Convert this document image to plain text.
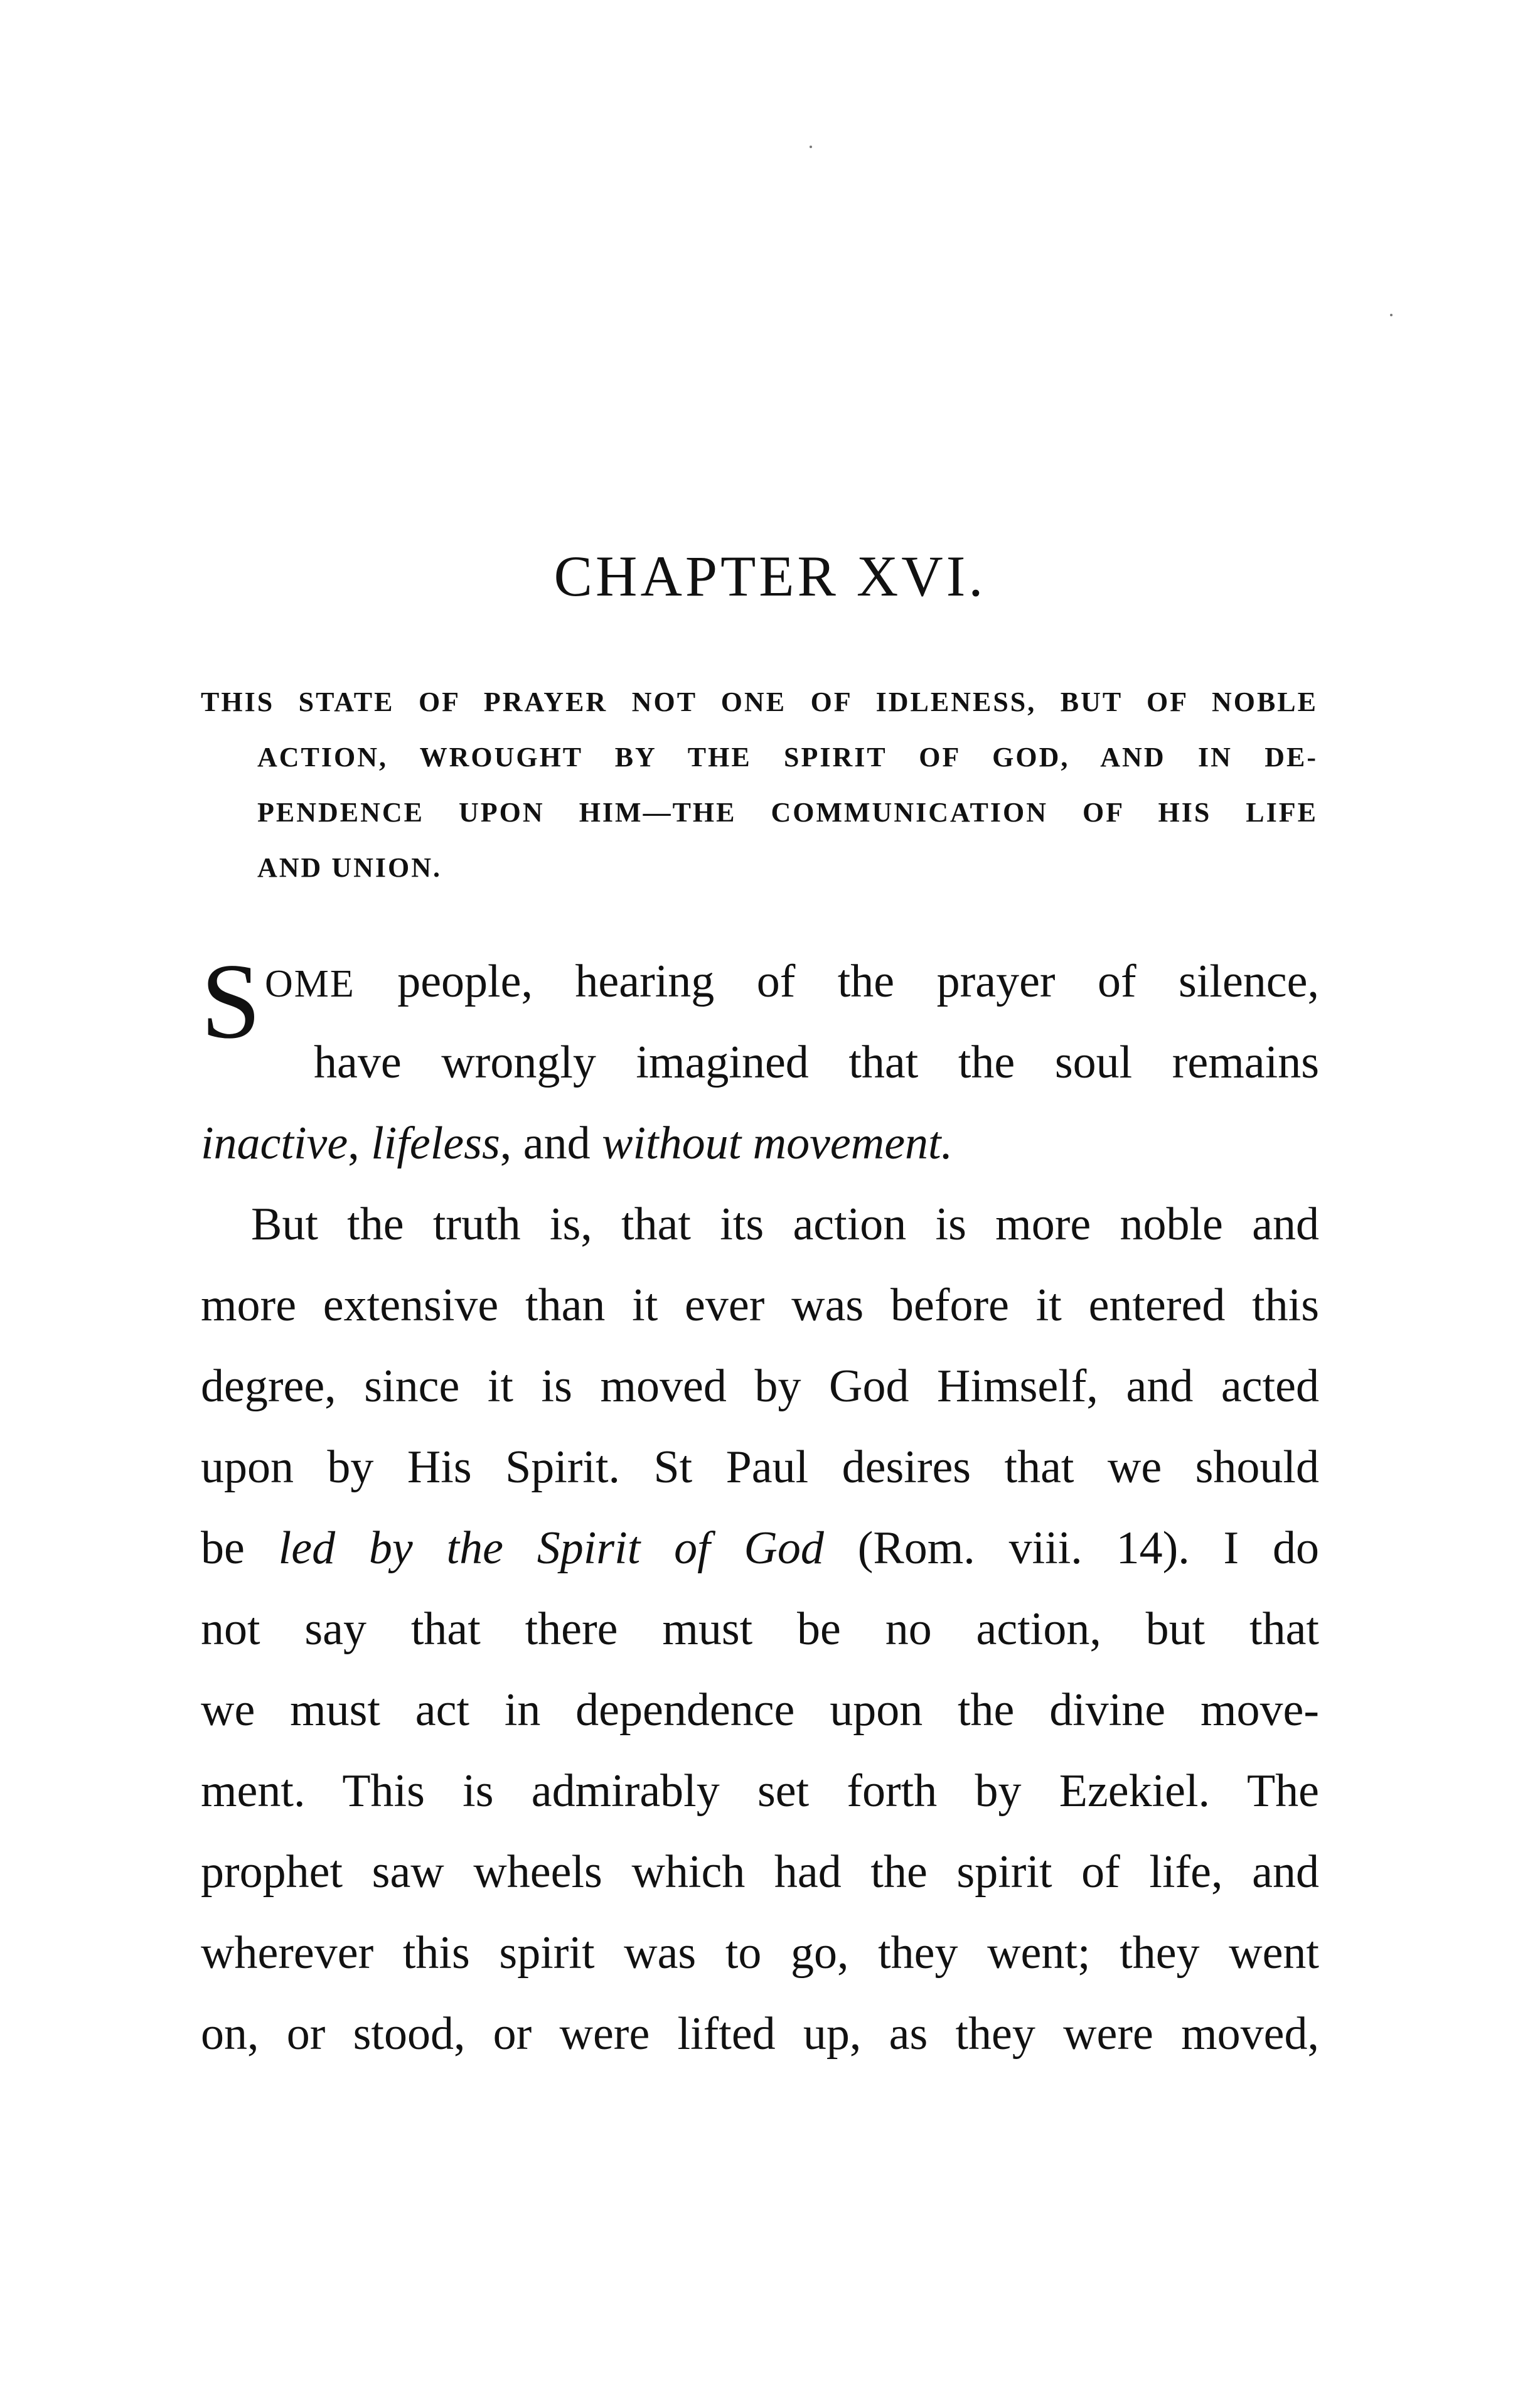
CHAPTER XVI.
THIS STATE OF PRAYER NOT ONE OF IDLENESS, BUT OF NOBLE
ACTION, WROUGHT BY THE SPIRIT OF GOD, AND IN DE-
PENDENCE UPON HIM—THE COMMUNICATION OF HIS LIFE
AND UNION.
S OME people, hearing of the prayer of silence,
have wrongly imagined that the soul remains
inactive, lifeless, and without movement.
But the truth is, that its action is more noble and
more extensive than it ever was before it entered this
degree, since it is moved by God Himself, and acted
upon by His Spirit. St Paul desires that we should
be led by the Spirit of God (Rom. viii. 14). I do
not say that there must be no action, but that
we must act in dependence upon the divine move-
ment. This is admirably set forth by Ezekiel. The
prophet saw wheels which had the spirit of life, and
wherever this spirit was to go, they went; they went
on, or stood, or were lifted up, as they were moved,
